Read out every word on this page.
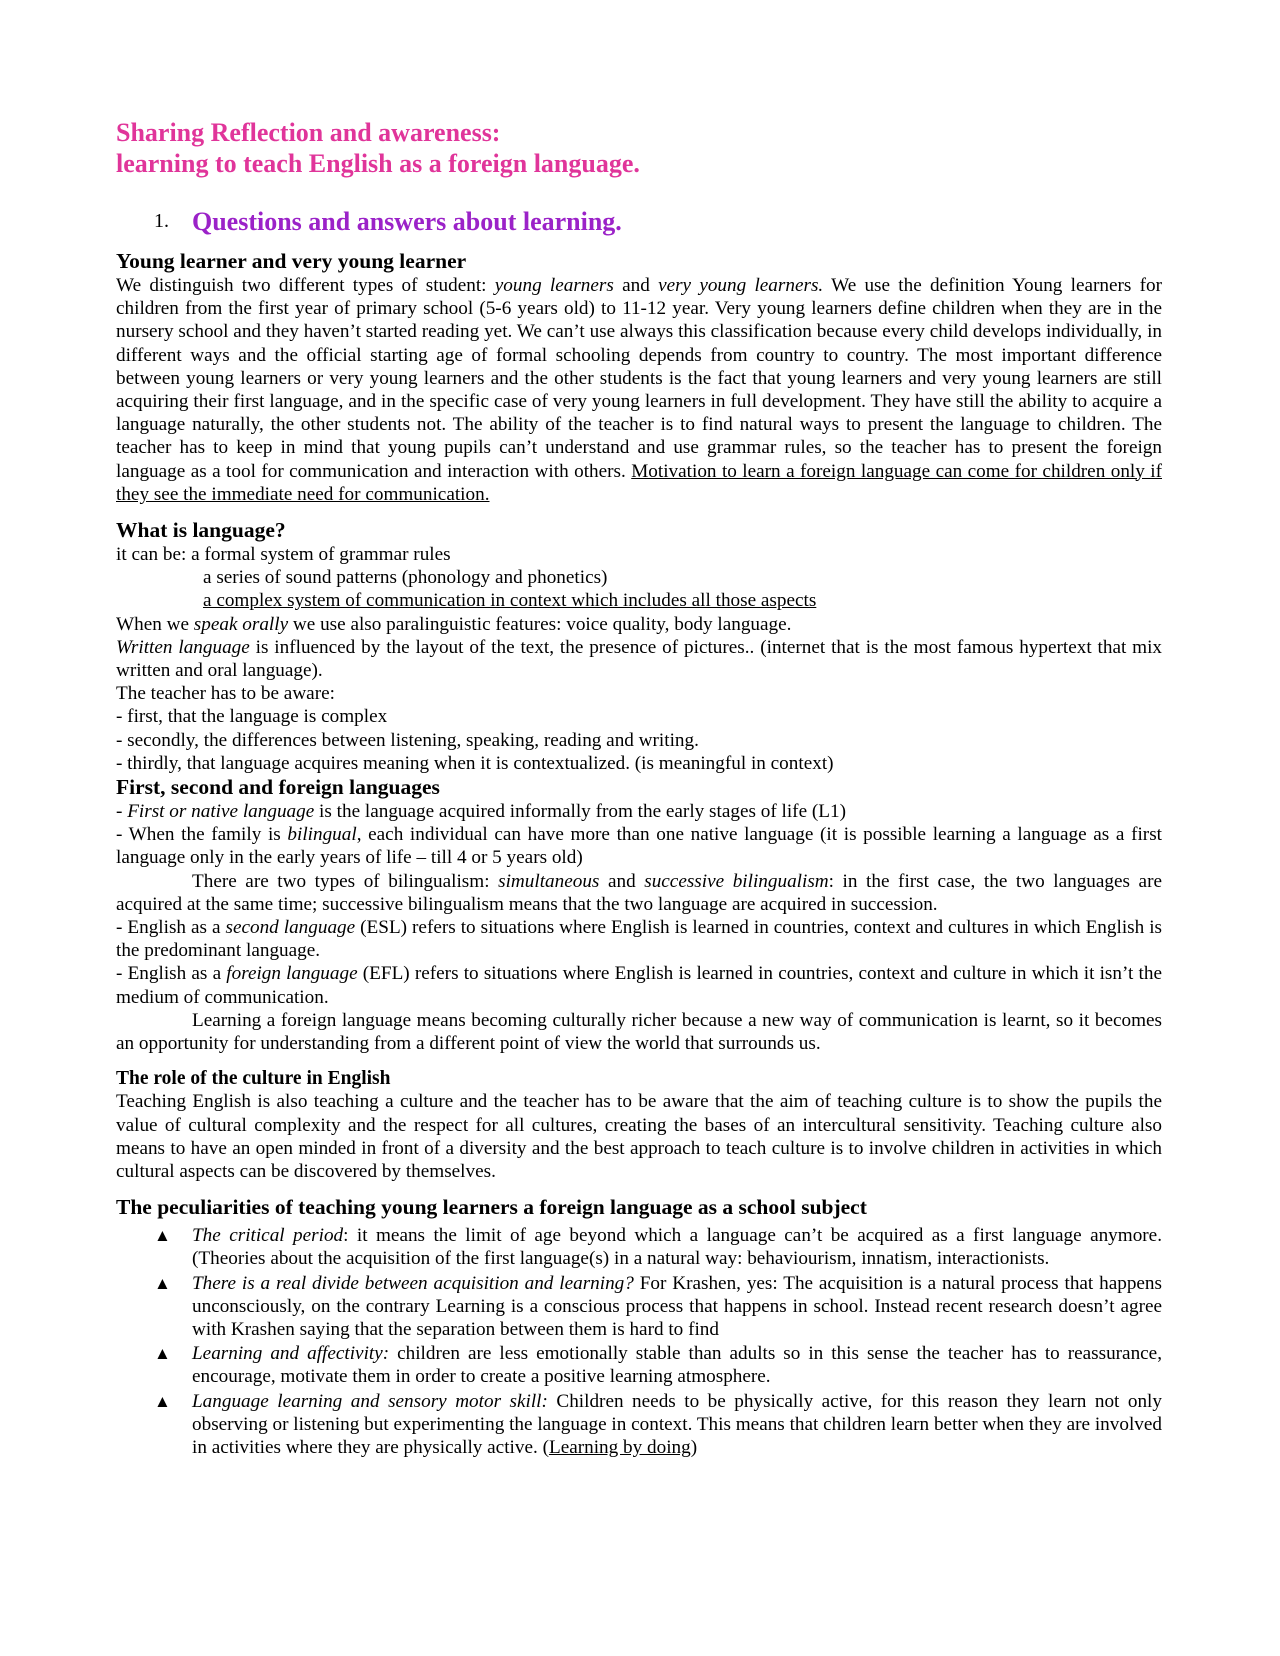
Sharing Reflection and awareness:

learning to teach English as a foreign language.

1. Questions and answers about learning.

Young learner and very young learner

We distinguish two different types of student: young learners and very young learners. We use the definition Young learners for children from the first year of primary school (5-6 years old) to 11-12 year. Very young learners define children when they are in the nursery school and they haven’t started reading yet. We can’t use always this classification because every child develops individually, in different ways and the official starting age of formal schooling depends from country to country. The most important difference between young learners or very young learners and the other students is the fact that young learners and very young learners are still acquiring their first language, and in the specific case of very young learners in full development. They have still the ability to acquire a language naturally, the other students not. The ability of the teacher is to find natural ways to present the language to children. The teacher has to keep in mind that young pupils can’t understand and use grammar rules, so the teacher has to present the foreign language as a tool for communication and interaction with others. Motivation to learn a foreign language can come for children only if they see the immediate need for communication.

What is language?

it can be: a formal system of grammar rules

a series of sound patterns (phonology and phonetics)

a complex system of communication in context which includes all those aspects

When we speak orally we use also paralinguistic features: voice quality, body language.

Written language is influenced by the layout of the text, the presence of pictures.. (internet that is the most famous hypertext that mix written and oral language).

The teacher has to be aware:

- first, that the language is complex

- secondly, the differences between listening, speaking, reading and writing.

- thirdly, that language acquires meaning when it is contextualized. (is meaningful in context)

First, second and foreign languages

- First or native language is the language acquired informally from the early stages of life (L1)

- When the family is bilingual, each individual can have more than one native language (it is possible learning a language as a first language only in the early years of life – till 4 or 5 years old)

There are two types of bilingualism: simultaneous and successive bilingualism: in the first case, the two languages are acquired at the same time; successive bilingualism means that the two language are acquired in succession.

- English as a second language (ESL) refers to situations where English is learned in countries, context and cultures in which English is the predominant language.

- English as a foreign language (EFL) refers to situations where English is learned in countries, context and culture in which it isn’t the medium of communication.

Learning a foreign language means becoming culturally richer because a new way of communication is learnt, so it becomes an opportunity for understanding from a different point of view the world that surrounds us.

The role of the culture in English

Teaching English is also teaching a culture and the teacher has to be aware that the aim of teaching culture is to show the pupils the value of cultural complexity and the respect for all cultures, creating the bases of an intercultural sensitivity. Teaching culture also means to have an open minded in front of a diversity and the best approach to teach culture is to involve children in activities in which cultural aspects can be discovered by themselves.

The peculiarities of teaching young learners a foreign language as a school subject

▲	The critical period: it means the limit of age beyond which a language can’t be acquired as a first language anymore. (Theories about the acquisition of the first language(s) in a natural way: behaviourism, innatism, interactionists.
▲	There is a real divide between acquisition and learning? For Krashen, yes: The acquisition is a natural process that happens unconsciously, on the contrary Learning is a conscious process that happens in school. Instead recent research doesn’t agree with Krashen saying that the separation between them is hard to find
▲	Learning and affectivity: children are less emotionally stable than adults so in this sense the teacher has to reassurance, encourage, motivate them in order to create a positive learning atmosphere.
▲	Language learning and sensory motor skill: Children needs to be physically active, for this reason they learn not only observing or listening but experimenting the language in context. This means that children learn better when they are involved in activities where they are physically active. (Learning by doing)
